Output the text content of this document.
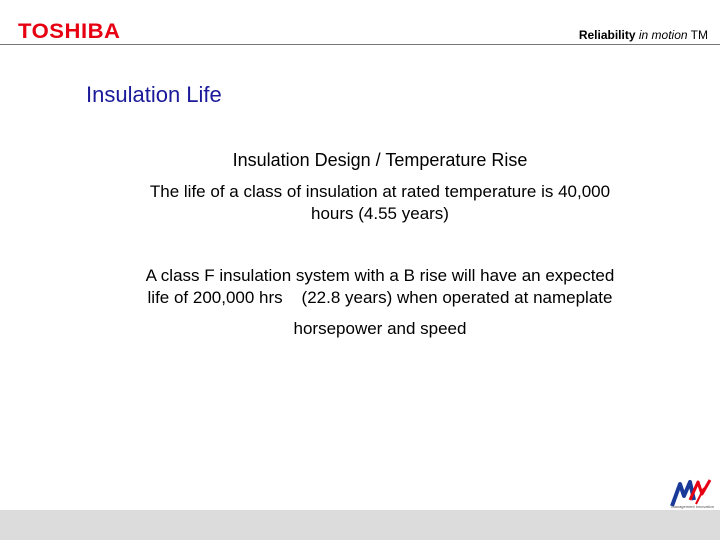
TOSHIBA	Reliability in motion TM
Insulation Life
Insulation Design / Temperature Rise

The life of a class of insulation at rated temperature is 40,000
hours (4.55 years)

A class F insulation system with a B rise will have an expected
life of 200,000 hrs    (22.8 years) when operated at nameplate

horsepower and speed

Management innovation
